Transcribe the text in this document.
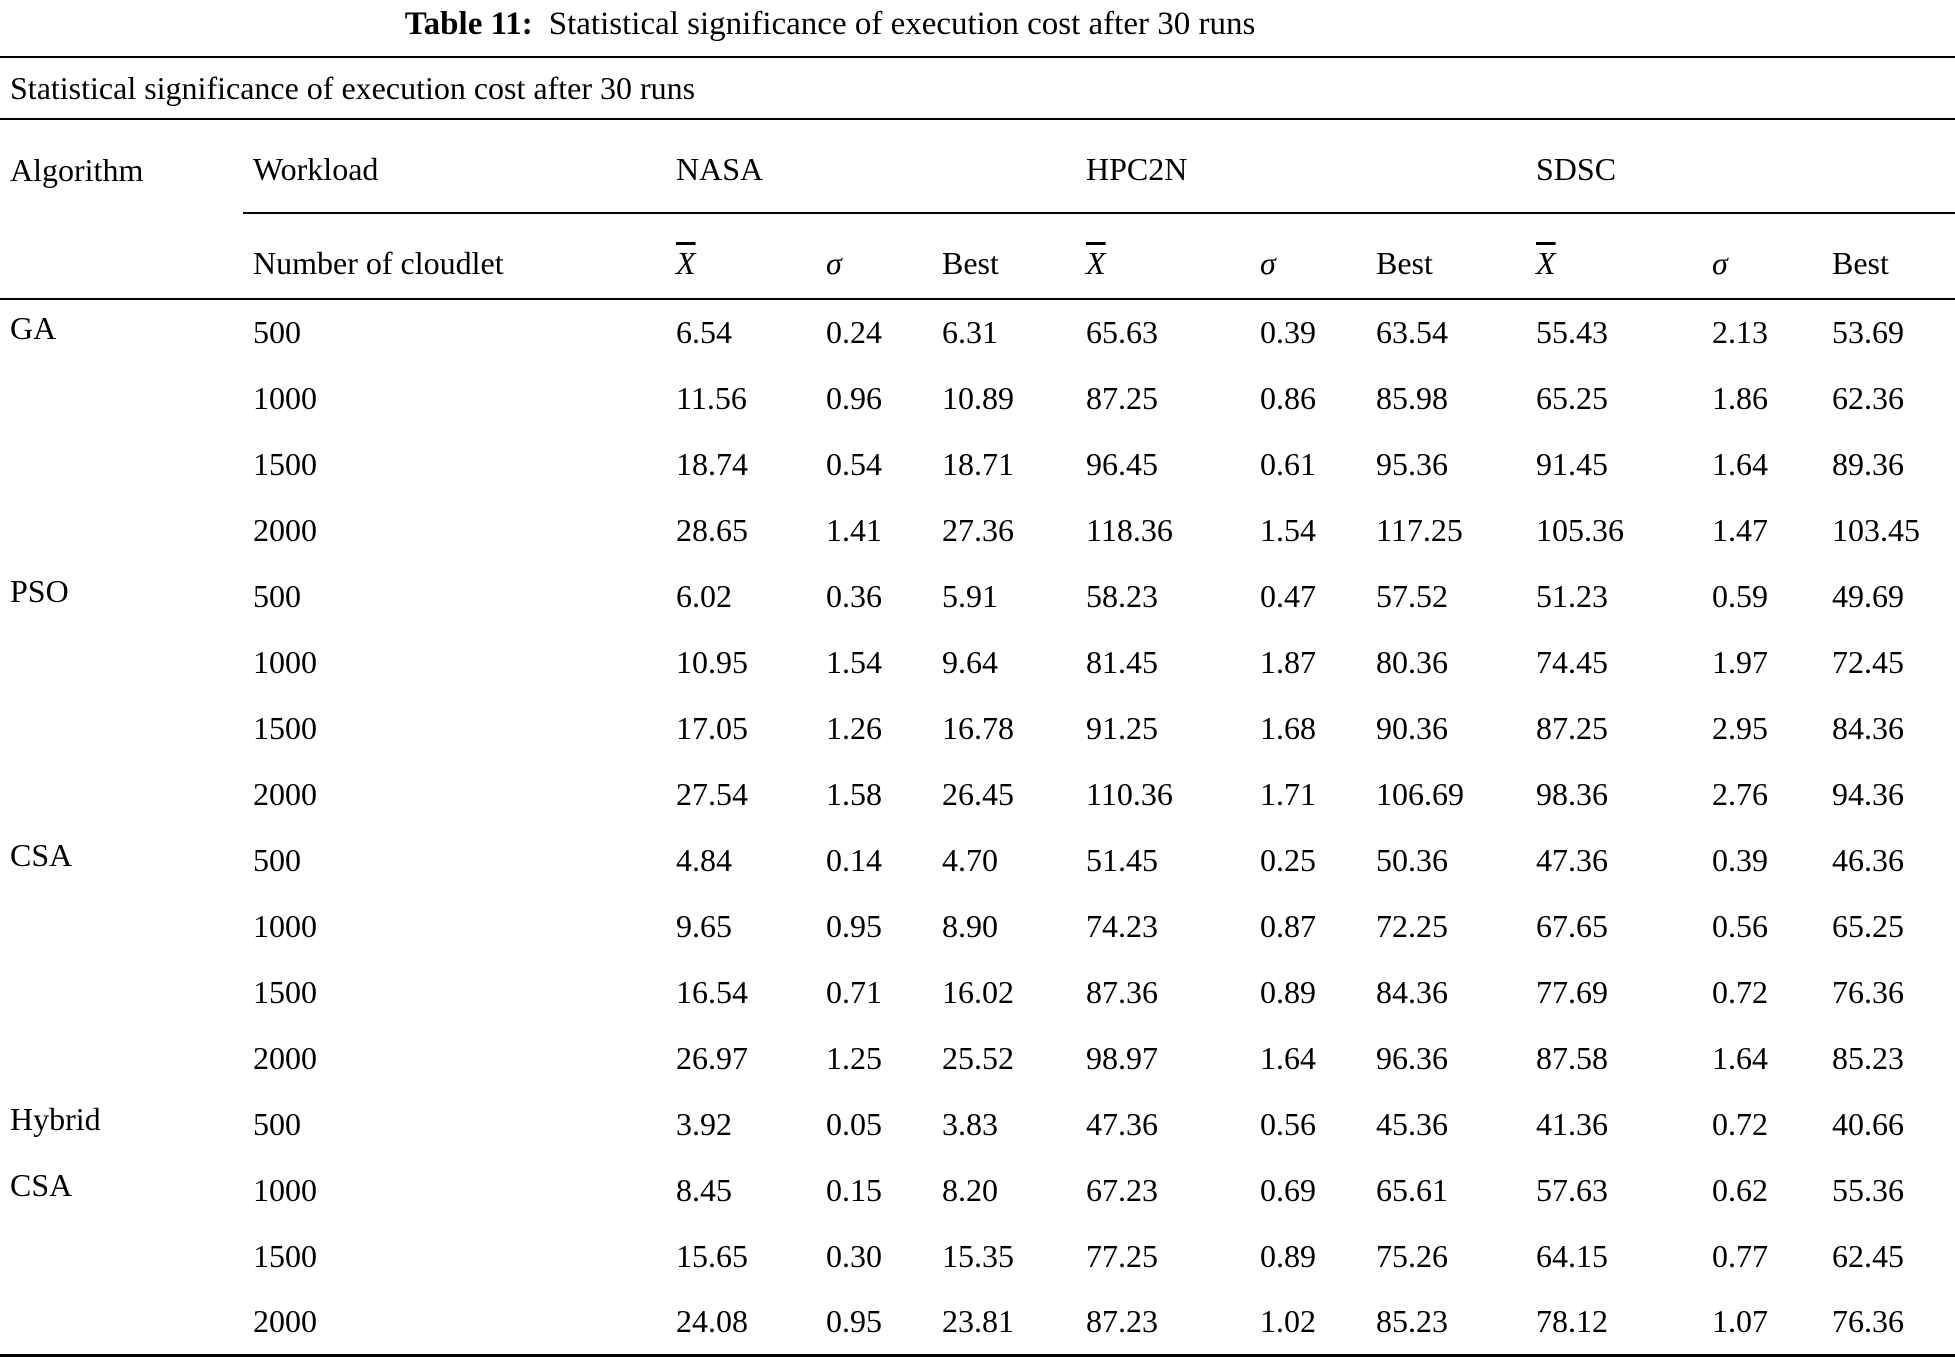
Table 11: Statistical significance of execution cost after 30 runs
Statistical significance of execution cost after 30 runs										
Algorithm	Workload	NASA			HPC2N			SDSC		
	Number of cloudlet	$\overline{X}$	σ	Best	$\overline{X}$	σ	Best	$\overline{X}$	σ	Best
GA	500	6.54	0.24	6.31	65.63	0.39	63.54	55.43	2.13	53.69
	1000	11.56	0.96	10.89	87.25	0.86	85.98	65.25	1.86	62.36
	1500	18.74	0.54	18.71	96.45	0.61	95.36	91.45	1.64	89.36
	2000	28.65	1.41	27.36	118.36	1.54	117.25	105.36	1.47	103.45
PSO	500	6.02	0.36	5.91	58.23	0.47	57.52	51.23	0.59	49.69
	1000	10.95	1.54	9.64	81.45	1.87	80.36	74.45	1.97	72.45
	1500	17.05	1.26	16.78	91.25	1.68	90.36	87.25	2.95	84.36
	2000	27.54	1.58	26.45	110.36	1.71	106.69	98.36	2.76	94.36
CSA	500	4.84	0.14	4.70	51.45	0.25	50.36	47.36	0.39	46.36
	1000	9.65	0.95	8.90	74.23	0.87	72.25	67.65	0.56	65.25
	1500	16.54	0.71	16.02	87.36	0.89	84.36	77.69	0.72	76.36
	2000	26.97	1.25	25.52	98.97	1.64	96.36	87.58	1.64	85.23
Hybrid	500	3.92	0.05	3.83	47.36	0.56	45.36	41.36	0.72	40.66
CSA	1000	8.45	0.15	8.20	67.23	0.69	65.61	57.63	0.62	55.36
	1500	15.65	0.30	15.35	77.25	0.89	75.26	64.15	0.77	62.45
	2000	24.08	0.95	23.81	87.23	1.02	85.23	78.12	1.07	76.36
